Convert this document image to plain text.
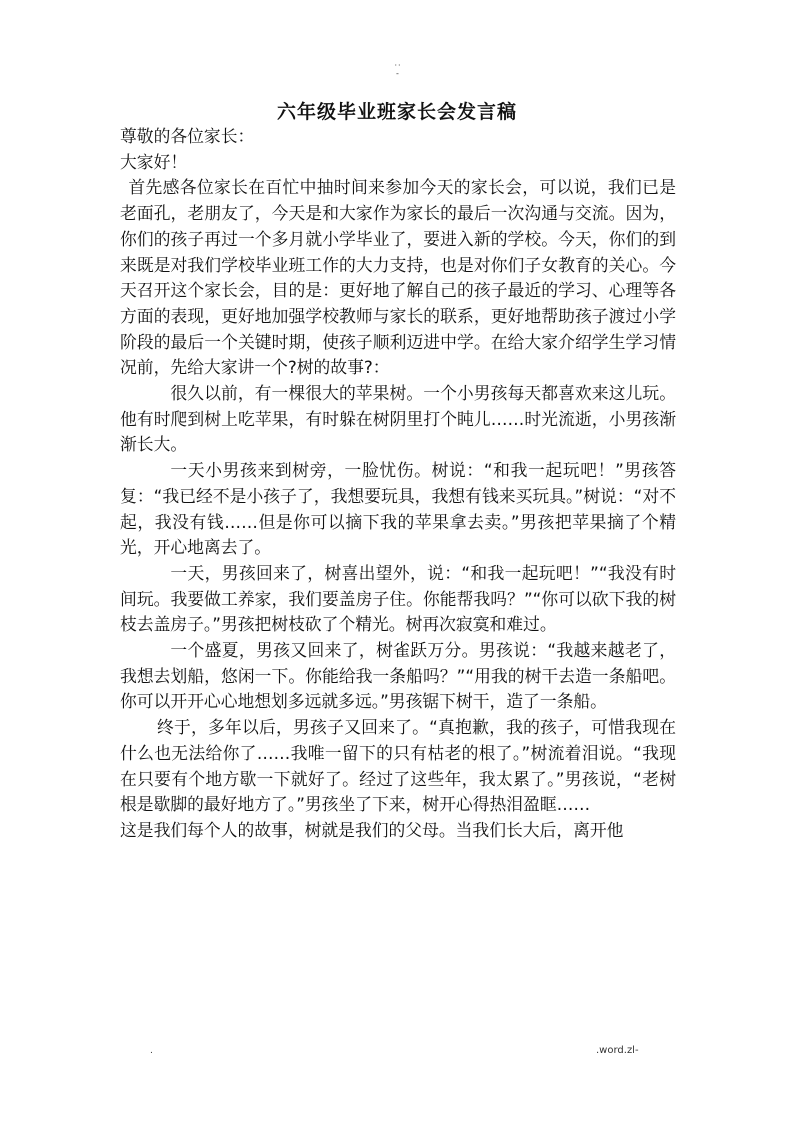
··
-
六年级毕业班家长会发言稿

尊敬的各位家长：

大家好！

首先感各位家长在百忙中抽时间来参加今天的家长会，可以说，我们已是老面孔，老朋友了，今天是和大家作为家长的最后一次沟通与交流。因为，你们的孩子再过一个多月就小学毕业了，要进入新的学校。今天，你们的到来既是对我们学校毕业班工作的大力支持，也是对你们子女教育的关心。今天召开这个家长会，目的是：更好地了解自己的孩子最近的学习、心理等各方面的表现，更好地加强学校教师与家长的联系，更好地帮助孩子渡过小学阶段的最后一个关键时期，使孩子顺利迈进中学。在给大家介绍学生学习情况前，先给大家讲一个?树的故事?：

很久以前，有一棵很大的苹果树。一个小男孩每天都喜欢来这儿玩。他有时爬到树上吃苹果，有时躲在树阴里打个盹儿……时光流逝，小男孩渐渐长大。

一天小男孩来到树旁，一脸忧伤。树说：“和我一起玩吧！”男孩答复：“我已经不是小孩子了，我想要玩具，我想有钱来买玩具。”树说：“对不起，我没有钱……但是你可以摘下我的苹果拿去卖。”男孩把苹果摘了个精光，开心地离去了。

一天，男孩回来了，树喜出望外，说：“和我一起玩吧！”“我没有时间玩。我要做工养家，我们要盖房子住。你能帮我吗？”“你可以砍下我的树枝去盖房子。”男孩把树枝砍了个精光。树再次寂寞和难过。

一个盛夏，男孩又回来了，树雀跃万分。男孩说：“我越来越老了，我想去划船，悠闲一下。你能给我一条船吗？”“用我的树干去造一条船吧。你可以开开心心地想划多远就多远。”男孩锯下树干，造了一条船。

终于，多年以后，男孩子又回来了。“真抱歉，我的孩子，可惜我现在什么也无法给你了……我唯一留下的只有枯老的根了。”树流着泪说。“我现在只要有个地方歇一下就好了。经过了这些年，我太累了。”男孩说，“老树根是歇脚的最好地方了。”男孩坐了下来，树开心得热泪盈眶……

这是我们每个人的故事，树就是我们的父母。当我们长大后，离开他

.	.word.zl-
